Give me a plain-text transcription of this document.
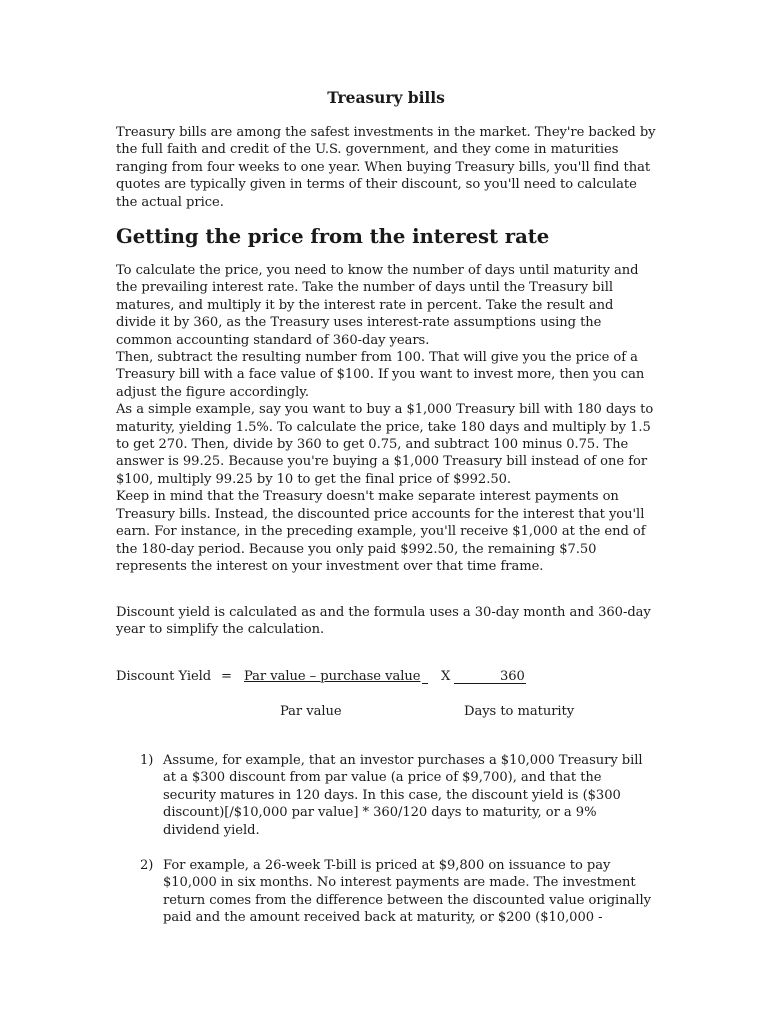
Treasury bills

Treasury bills are among the safest investments in the market. They're backed by the full faith and credit of the U.S. government, and they come in maturities ranging from four weeks to one year. When buying Treasury bills, you'll find that quotes are typically given in terms of their discount, so you'll need to calculate the actual price.

Getting the price from the interest rate

To calculate the price, you need to know the number of days until maturity and the prevailing interest rate. Take the number of days until the Treasury bill matures, and multiply it by the interest rate in percent. Take the result and divide it by 360, as the Treasury uses interest-rate assumptions using the common accounting standard of 360-day years.

Then, subtract the resulting number from 100. That will give you the price of a Treasury bill with a face value of $100. If you want to invest more, then you can adjust the figure accordingly.

As a simple example, say you want to buy a $1,000 Treasury bill with 180 days to maturity, yielding 1.5%. To calculate the price, take 180 days and multiply by 1.5 to get 270. Then, divide by 360 to get 0.75, and subtract 100 minus 0.75. The answer is 99.25. Because you're buying a $1,000 Treasury bill instead of one for $100, multiply 99.25 by 10 to get the final price of $992.50.

Keep in mind that the Treasury doesn't make separate interest payments on Treasury bills. Instead, the discounted price accounts for the interest that you'll earn. For instance, in the preceding example, you'll receive $1,000 at the end of the 180-day period. Because you only paid $992.50, the remaining $7.50 represents the interest on your investment over that time frame.

Discount yield is calculated as and the formula uses a 30-day month and 360-day year to simplify the calculation.

Discount Yield = Par value – purchase value X	360
Par value	Days to maturity
1) Assume, for example, that an investor purchases a $10,000 Treasury bill at a $300 discount from par value (a price of $9,700), and that the security matures in 120 days. In this case, the discount yield is ($300 discount)[/$10,000 par value] * 360/120 days to maturity, or a 9% dividend yield.
2) For example, a 26-week T-bill is priced at $9,800 on issuance to pay $10,000 in six months. No interest payments are made. The investment return comes from the difference between the discounted value originally paid and the amount received back at maturity, or $200 ($10,000 -
